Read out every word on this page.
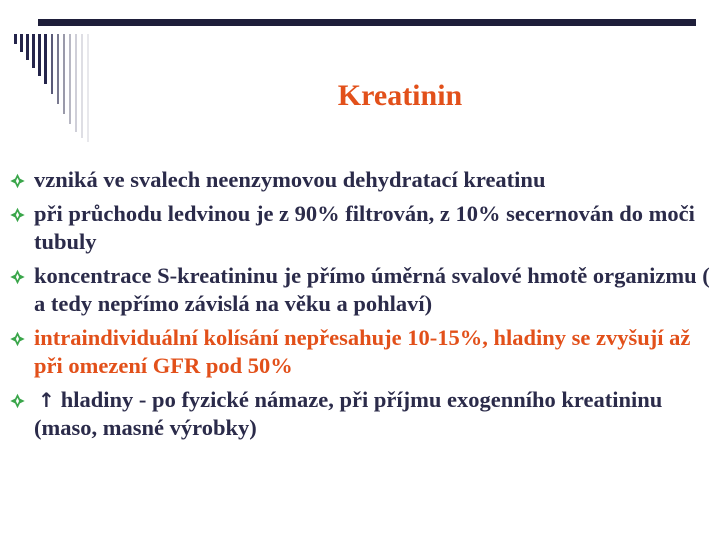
Kreatinin
vzniká ve svalech neenzymovou dehydratací kreatinu
při průchodu ledvinou je z 90% filtrován, z 10% secernován do moči tubuly
koncentrace S-kreatininu je přímo úměrná svalové hmotě organizmu ( a tedy nepřímo závislá na věku a pohlaví)
intraindividuální kolísání nepřesahuje 10-15%, hladiny se zvyšují až při omezení GFR pod 50%
↑ hladiny - po fyzické námaze, při příjmu exogenního kreatininu (maso, masné výrobky)
